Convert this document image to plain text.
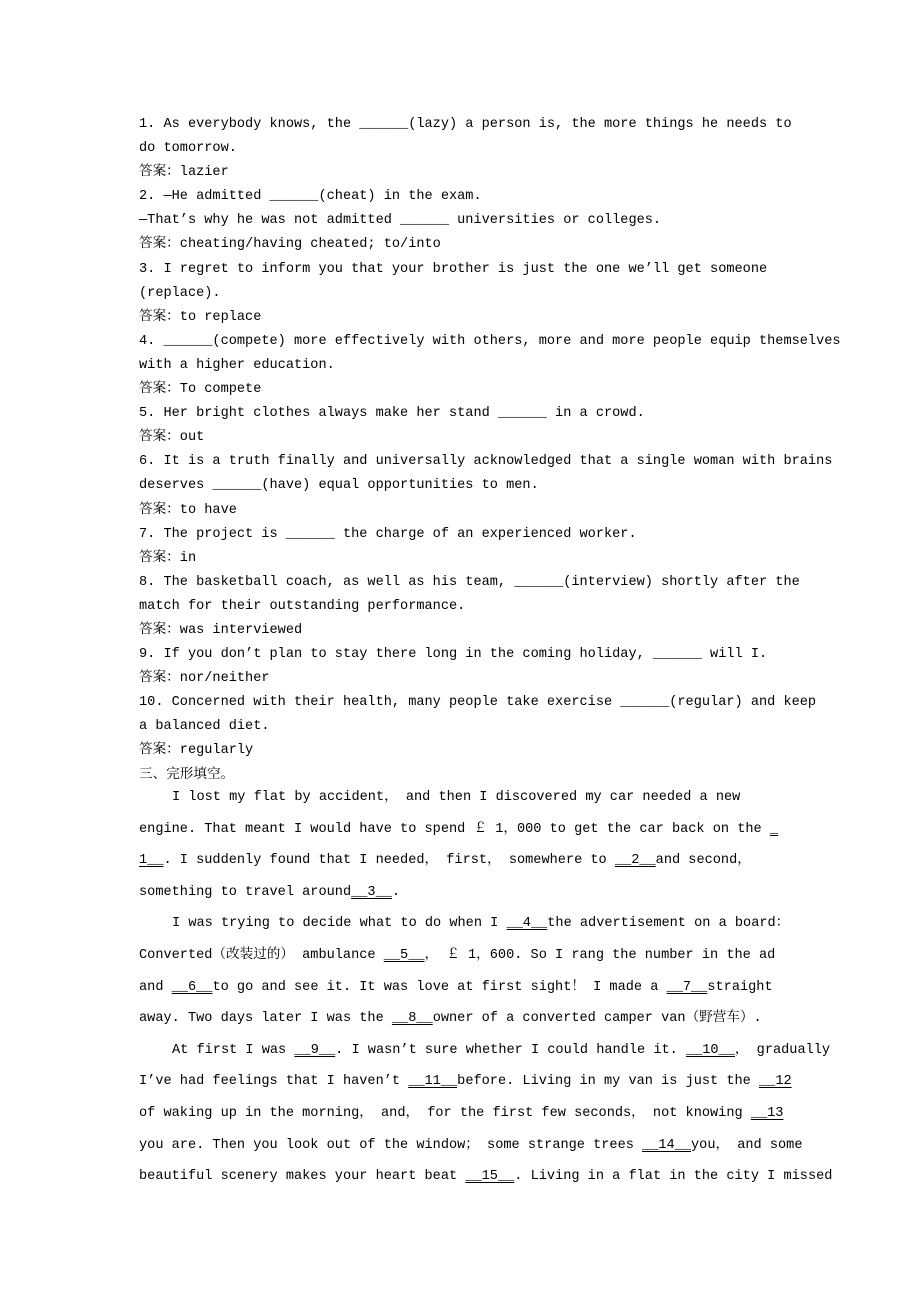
1. As everybody knows, the ______(lazy) a person is, the more things he needs to
do tomorrow.
答案：lazier
2. —He admitted ______(cheat) in the exam.
—That’s why he was not admitted ______ universities or colleges.
答案：cheating/having cheated; to/into
3. I regret to inform you that your brother is just the one we’ll get someone
(replace).
答案：to replace
4. ______(compete) more effectively with others, more and more people equip themselves
with a higher education.
答案：To compete
5. Her bright clothes always make her stand ______ in a crowd.
答案：out
6. It is a truth finally and universally acknowledged that a single woman with brains
deserves ______(have) equal opportunities to men.
答案：to have
7. The project is ______ the charge of an experienced worker.
答案：in
8. The basketball coach, as well as his team, ______(interview) shortly after the
match for their outstanding performance.
答案：was interviewed
9. If you don’t plan to stay there long in the coming holiday, ______ will I.
答案：nor/neither
10. Concerned with their health, many people take exercise ______(regular) and keep
a balanced diet.
答案：regularly
三、完形填空。
I lost my flat by accident， and then I discovered my car needed a new
engine. That meant I would have to spend ￡ 1，000 to get the car back on the _
1__. I suddenly found that I needed， first， somewhere to __2__and second，
something to travel around__3__.
I was trying to decide what to do when I __4__the advertisement on a board：
Converted（改装过的） ambulance __5__， ￡ 1，600. So I rang the number in the ad
and __6__to go and see it. It was love at first sight！ I made a __7__straight
away. Two days later I was the __8__owner of a converted camper van（野营车）.
At first I was __9__. I wasn’t sure whether I could handle it. __10__， gradually
I’ve had feelings that I haven’t __11__before. Living in my van is just the __12
of waking up in the morning， and， for the first few seconds， not knowing __13
you are. Then you look out of the window； some strange trees __14__you， and some
beautiful scenery makes your heart beat __15__. Living in a flat in the city I missed
